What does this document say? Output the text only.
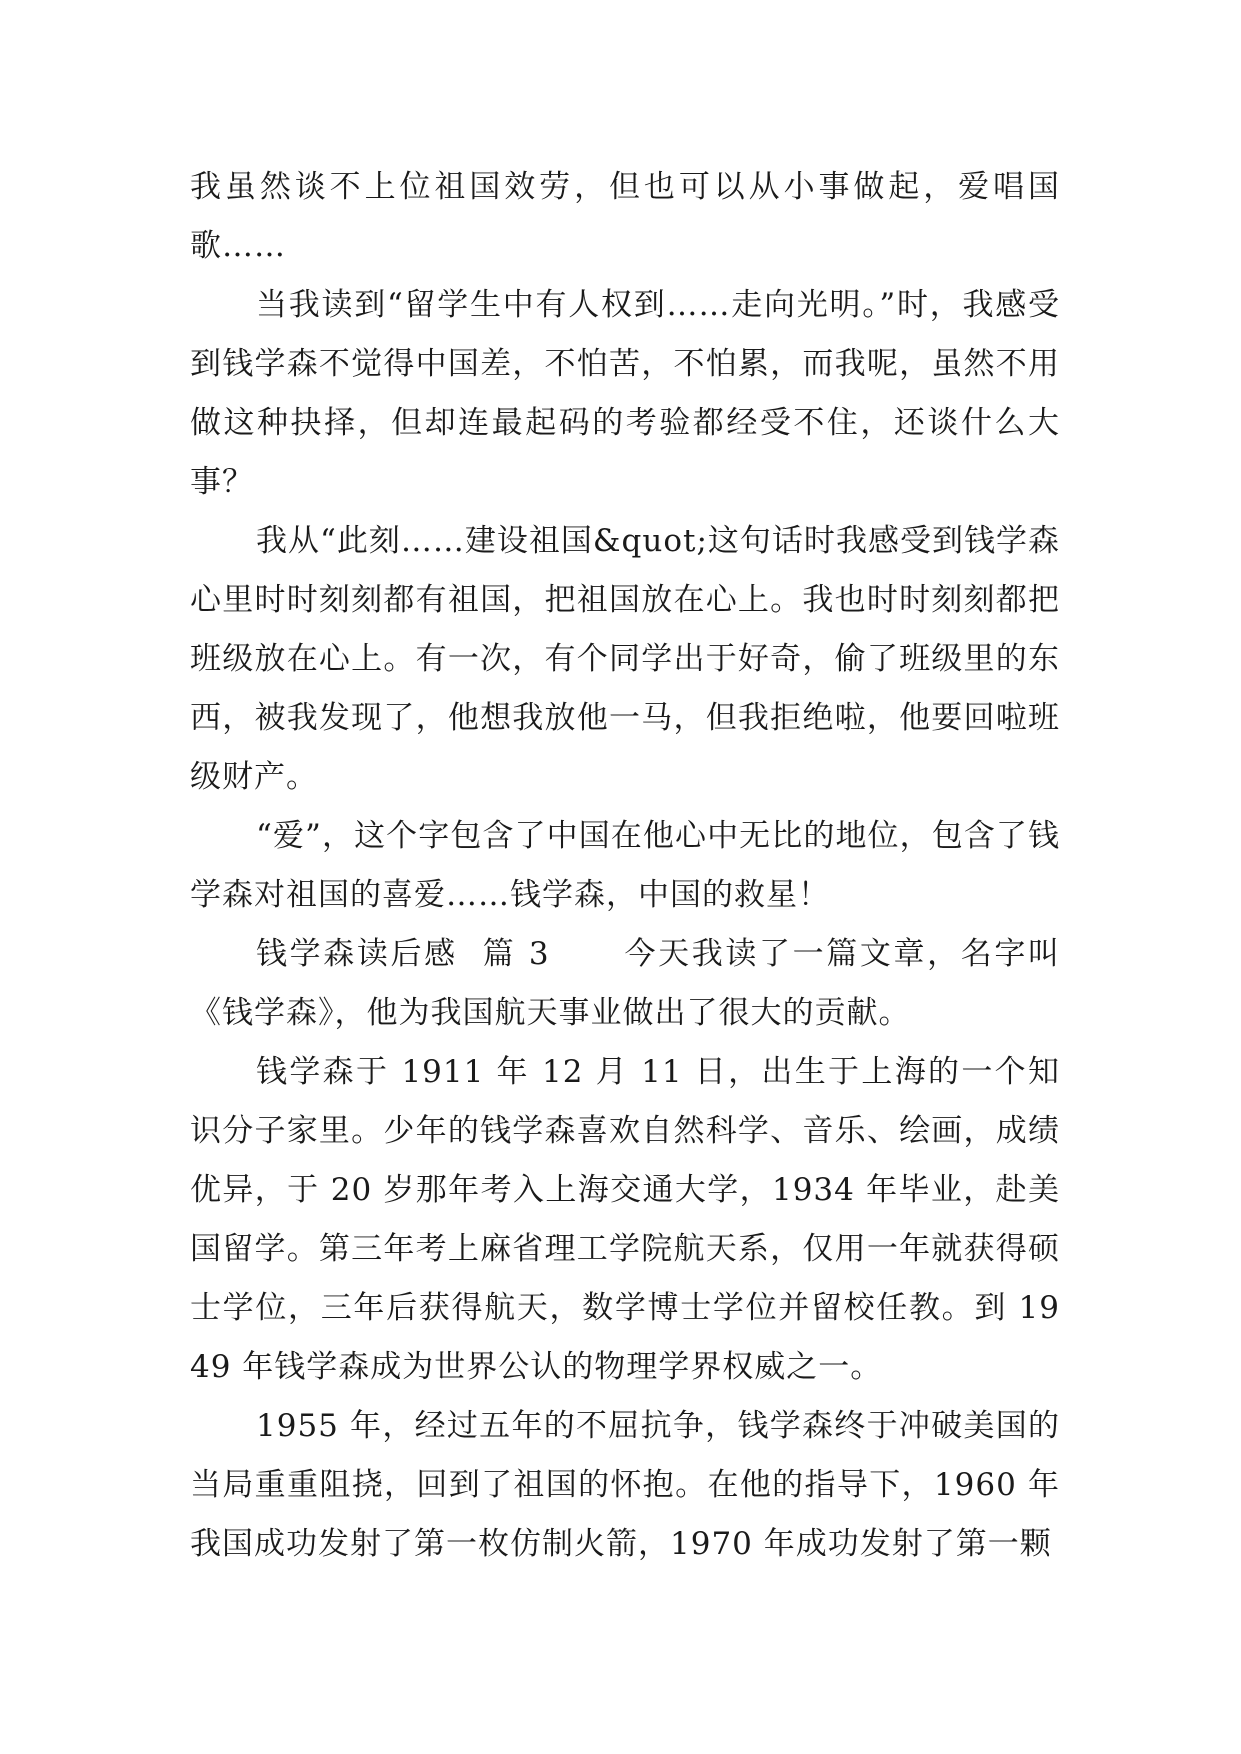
我虽然谈不上位祖国效劳，但也可以从小事做起，爱唱国歌……

当我读到“留学生中有人权到……走向光明。”时，我感受到钱学森不觉得中国差，不怕苦，不怕累，而我呢，虽然不用做这种抉择，但却连最起码的考验都经受不住，还谈什么大事？

我从“此刻……建设祖国&quot;这句话时我感受到钱学森心里时时刻刻都有祖国，把祖国放在心上。我也时时刻刻都把班级放在心上。有一次，有个同学出于好奇，偷了班级里的东西，被我发现了，他想我放他一马，但我拒绝啦，他要回啦班级财产。

“爱”，这个字包含了中国在他心中无比的地位，包含了钱学森对祖国的喜爱……钱学森，中国的救星！

钱学森读后感  篇 3      今天我读了一篇文章，名字叫《钱学森》，他为我国航天事业做出了很大的贡献。

钱学森于 1911 年 12 月 11 日，出生于上海的一个知识分子家里。少年的钱学森喜欢自然科学、音乐、绘画，成绩优异，于 20 岁那年考入上海交通大学，1934 年毕业，赴美国留学。第三年考上麻省理工学院航天系，仅用一年就获得硕士学位，三年后获得航天，数学博士学位并留校任教。到 1949 年钱学森成为世界公认的物理学界权威之一。

1955 年，经过五年的不屈抗争，钱学森终于冲破美国的当局重重阻挠，回到了祖国的怀抱。在他的指导下，1960 年我国成功发射了第一枚仿制火箭，1970 年成功发射了第一颗
